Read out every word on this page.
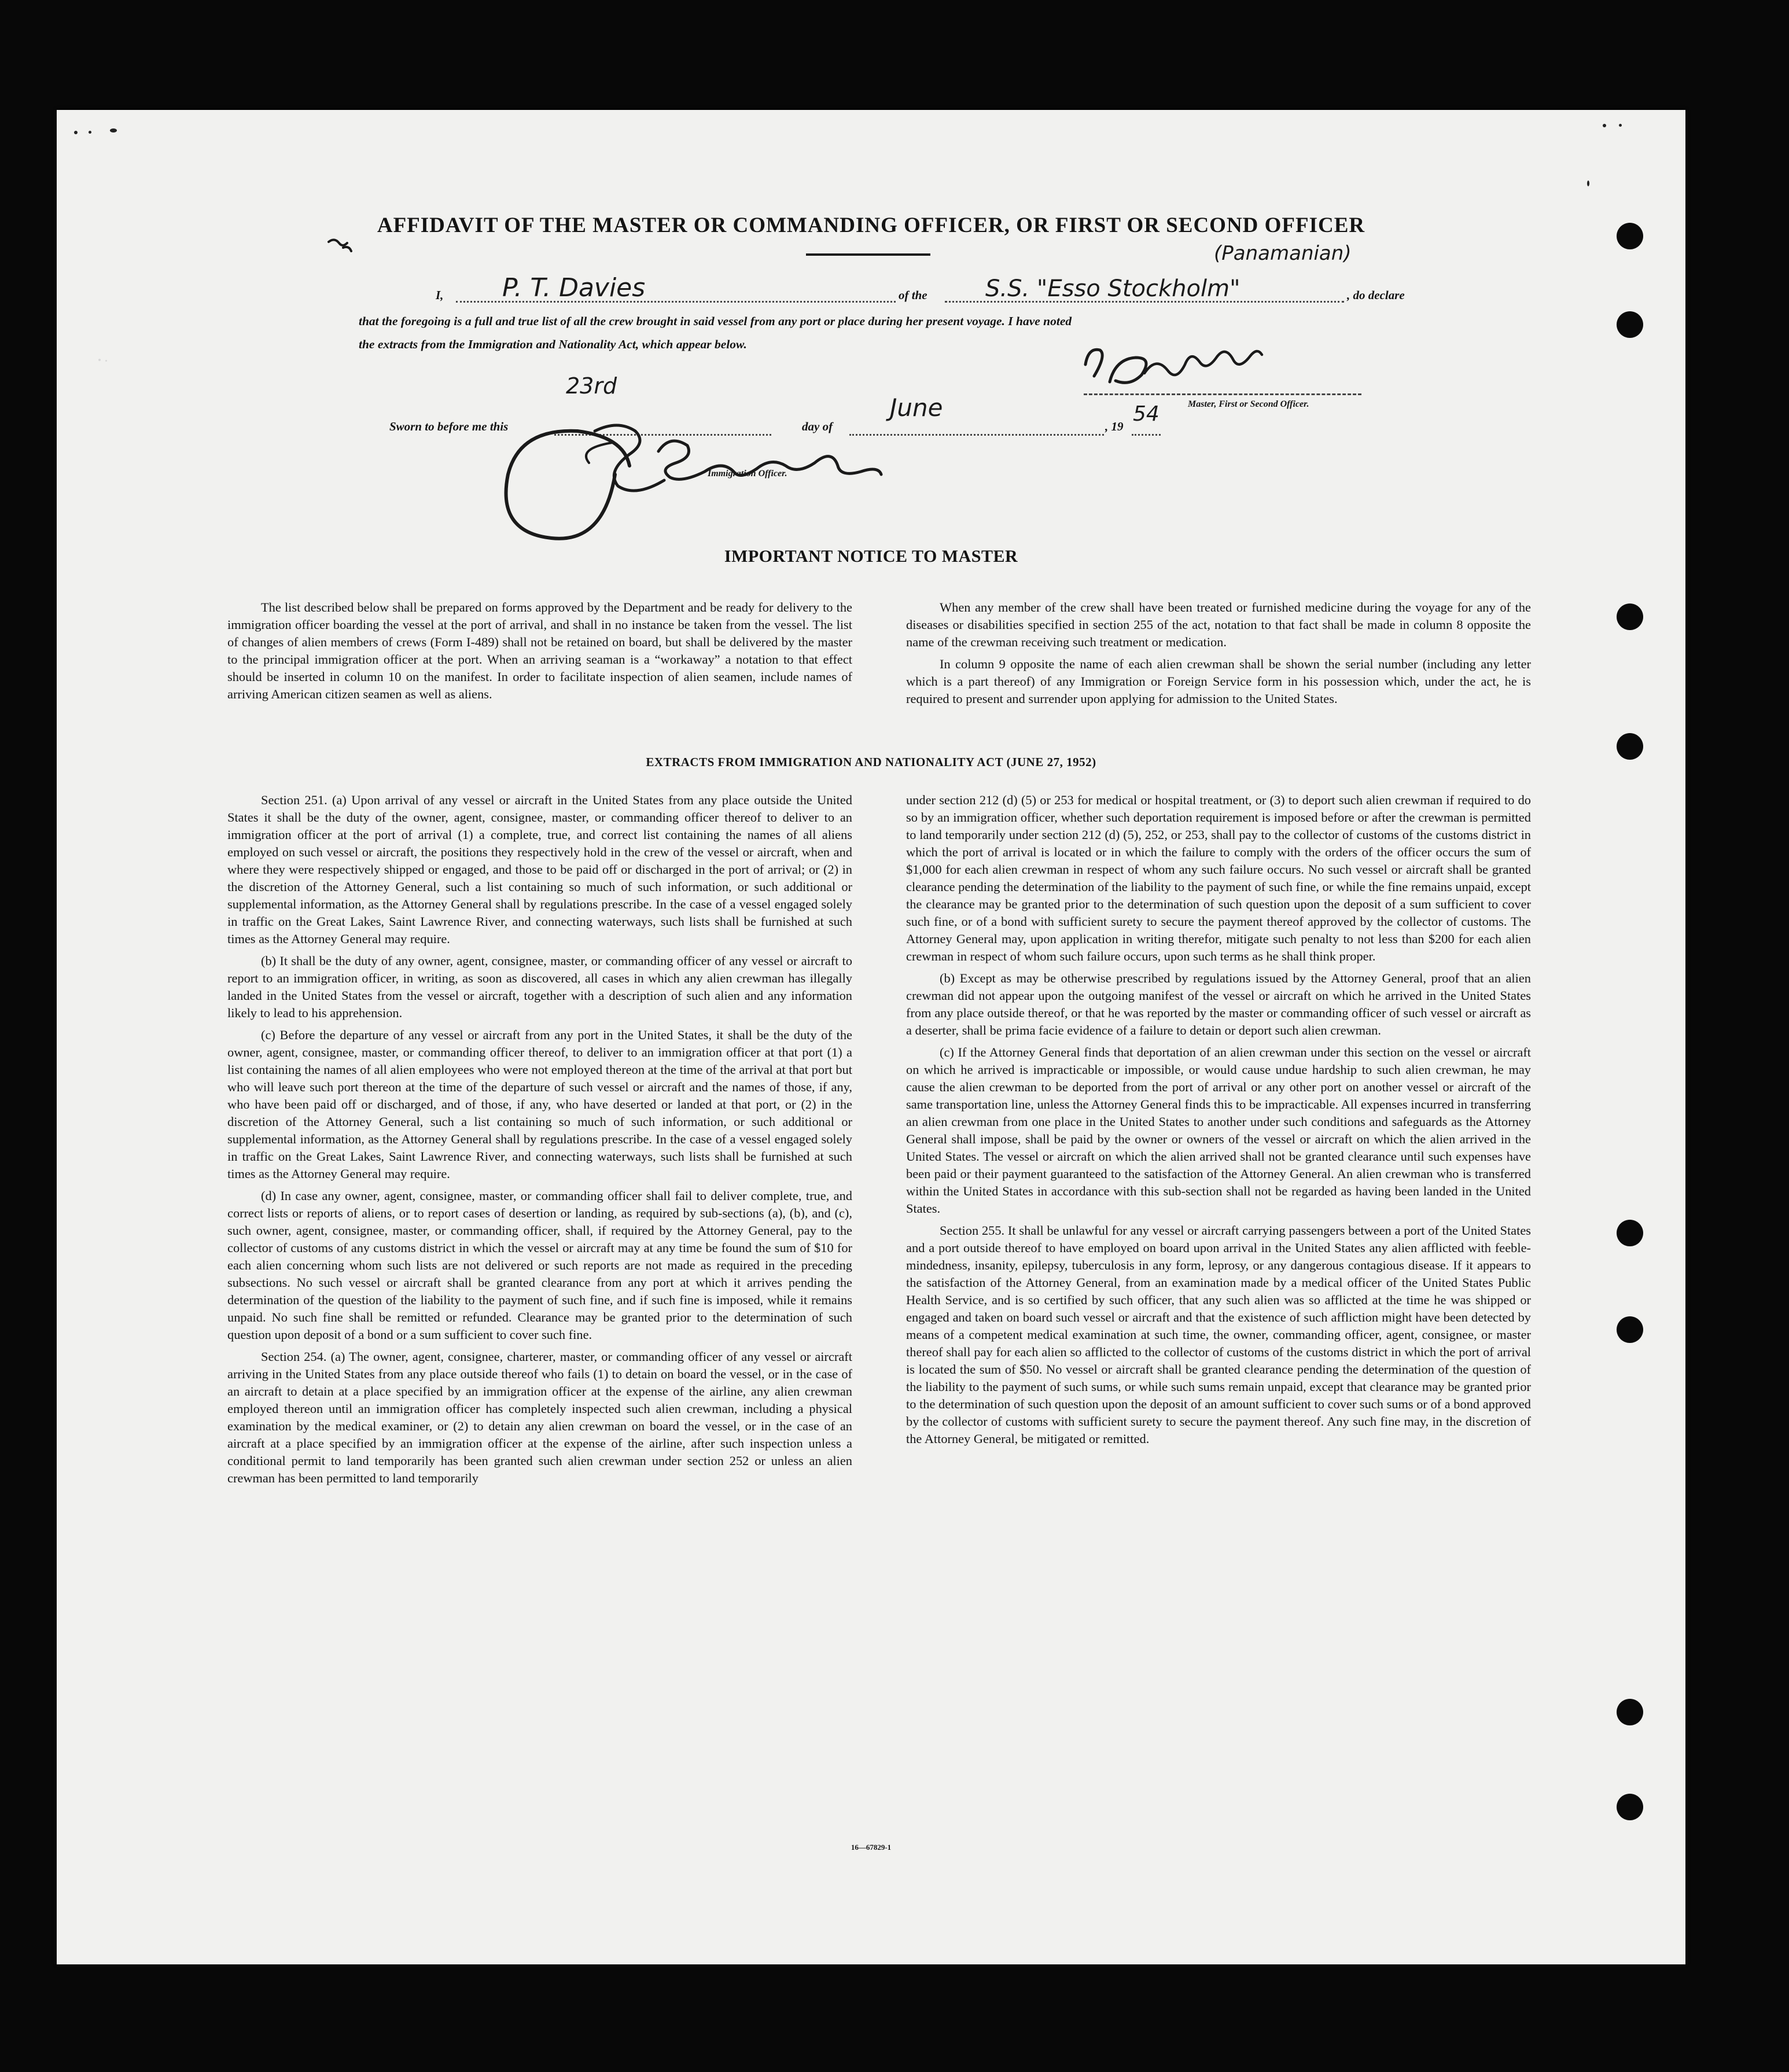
AFFIDAVIT OF THE MASTER OR COMMANDING OFFICER, OR FIRST OR SECOND OFFICER
I, P. T. Davies	of the	S.S. "Esso Stockholm"
(Panamanian)
, do declare
that the foregoing is a full and true list of all the crew brought in said vessel from any port or place during her present voyage. I have noted
the extracts from the Immigration and Nationality Act, which appear below.
Master, First or Second Officer.
Sworn to before me this
23rd
day of
June
, 19
54
Immigration Officer.
IMPORTANT NOTICE TO MASTER

The list described below shall be prepared on forms approved by the Department and be ready for delivery to the immigration officer boarding the vessel at the port of arrival, and shall in no instance be taken from the vessel. The list of changes of alien members of crews (Form I-489) shall not be retained on board, but shall be delivered by the master to the principal immigration officer at the port. When an arriving seaman is a “workaway” a notation to that effect should be inserted in column 10 on the manifest. In order to facilitate inspection of alien seamen, include names of arriving American citizen seamen as well as aliens.

When any member of the crew shall have been treated or furnished medicine during the voyage for any of the diseases or disabilities specified in section 255 of the act, notation to that fact shall be made in column 8 opposite the name of the crewman receiving such treatment or medication.

In column 9 opposite the name of each alien crewman shall be shown the serial number (including any letter which is a part thereof) of any Immigration or Foreign Service form in his possession which, under the act, he is required to present and surrender upon applying for admission to the United States.

EXTRACTS FROM IMMIGRATION AND NATIONALITY ACT (JUNE 27, 1952)

Section 251. (a) Upon arrival of any vessel or aircraft in the United States from any place outside the United States it shall be the duty of the owner, agent, consignee, master, or commanding officer thereof to deliver to an immigration officer at the port of arrival (1) a complete, true, and correct list containing the names of all aliens employed on such vessel or aircraft, the positions they respectively hold in the crew of the vessel or aircraft, when and where they were respectively shipped or engaged, and those to be paid off or discharged in the port of arrival; or (2) in the discretion of the Attorney General, such a list containing so much of such information, or such additional or supplemental information, as the Attorney General shall by regulations prescribe. In the case of a vessel engaged solely in traffic on the Great Lakes, Saint Lawrence River, and connecting waterways, such lists shall be furnished at such times as the Attorney General may require.

(b) It shall be the duty of any owner, agent, consignee, master, or commanding officer of any vessel or aircraft to report to an immigration officer, in writing, as soon as discovered, all cases in which any alien crewman has illegally landed in the United States from the vessel or aircraft, together with a description of such alien and any information likely to lead to his apprehension.

(c) Before the departure of any vessel or aircraft from any port in the United States, it shall be the duty of the owner, agent, consignee, master, or commanding officer thereof, to deliver to an immigration officer at that port (1) a list containing the names of all alien employees who were not employed thereon at the time of the arrival at that port but who will leave such port thereon at the time of the departure of such vessel or aircraft and the names of those, if any, who have been paid off or discharged, and of those, if any, who have deserted or landed at that port, or (2) in the discretion of the Attorney General, such a list containing so much of such information, or such additional or supplemental information, as the Attorney General shall by regulations prescribe. In the case of a vessel engaged solely in traffic on the Great Lakes, Saint Lawrence River, and connecting waterways, such lists shall be furnished at such times as the Attorney General may require.

(d) In case any owner, agent, consignee, master, or commanding officer shall fail to deliver complete, true, and correct lists or reports of aliens, or to report cases of desertion or landing, as required by sub-sections (a), (b), and (c), such owner, agent, consignee, master, or commanding officer, shall, if required by the Attorney General, pay to the collector of customs of any customs district in which the vessel or aircraft may at any time be found the sum of $10 for each alien concerning whom such lists are not delivered or such reports are not made as required in the preceding subsections. No such vessel or aircraft shall be granted clearance from any port at which it arrives pending the determination of the question of the liability to the payment of such fine, and if such fine is imposed, while it remains unpaid. No such fine shall be remitted or refunded. Clearance may be granted prior to the determination of such question upon deposit of a bond or a sum sufficient to cover such fine.

Section 254. (a) The owner, agent, consignee, charterer, master, or commanding officer of any vessel or aircraft arriving in the United States from any place outside thereof who fails (1) to detain on board the vessel, or in the case of an aircraft to detain at a place specified by an immigration officer at the expense of the airline, any alien crewman employed thereon until an immigration officer has completely inspected such alien crewman, including a physical examination by the medical examiner, or (2) to detain any alien crewman on board the vessel, or in the case of an aircraft at a place specified by an immigration officer at the expense of the airline, after such inspection unless a conditional permit to land temporarily has been granted such alien crewman under section 252 or unless an alien crewman has been permitted to land temporarily

under section 212 (d) (5) or 253 for medical or hospital treatment, or (3) to deport such alien crewman if required to do so by an immigration officer, whether such deportation requirement is imposed before or after the crewman is permitted to land temporarily under section 212 (d) (5), 252, or 253, shall pay to the collector of customs of the customs district in which the port of arrival is located or in which the failure to comply with the orders of the officer occurs the sum of $1,000 for each alien crewman in respect of whom any such failure occurs. No such vessel or aircraft shall be granted clearance pending the determination of the liability to the payment of such fine, or while the fine remains unpaid, except the clearance may be granted prior to the determination of such question upon the deposit of a sum sufficient to cover such fine, or of a bond with sufficient surety to secure the payment thereof approved by the collector of customs. The Attorney General may, upon application in writing therefor, mitigate such penalty to not less than $200 for each alien crewman in respect of whom such failure occurs, upon such terms as he shall think proper.

(b) Except as may be otherwise prescribed by regulations issued by the Attorney General, proof that an alien crewman did not appear upon the outgoing manifest of the vessel or aircraft on which he arrived in the United States from any place outside thereof, or that he was reported by the master or commanding officer of such vessel or aircraft as a deserter, shall be prima facie evidence of a failure to detain or deport such alien crewman.

(c) If the Attorney General finds that deportation of an alien crewman under this section on the vessel or aircraft on which he arrived is impracticable or impossible, or would cause undue hardship to such alien crewman, he may cause the alien crewman to be deported from the port of arrival or any other port on another vessel or aircraft of the same transportation line, unless the Attorney General finds this to be impracticable. All expenses incurred in transferring an alien crewman from one place in the United States to another under such conditions and safeguards as the Attorney General shall impose, shall be paid by the owner or owners of the vessel or aircraft on which the alien arrived in the United States. The vessel or aircraft on which the alien arrived shall not be granted clearance until such expenses have been paid or their payment guaranteed to the satisfaction of the Attorney General. An alien crewman who is transferred within the United States in accordance with this sub-section shall not be regarded as having been landed in the United States.

Section 255. It shall be unlawful for any vessel or aircraft carrying passengers between a port of the United States and a port outside thereof to have employed on board upon arrival in the United States any alien afflicted with feeble-mindedness, insanity, epilepsy, tuberculosis in any form, leprosy, or any dangerous contagious disease. If it appears to the satisfaction of the Attorney General, from an examination made by a medical officer of the United States Public Health Service, and is so certified by such officer, that any such alien was so afflicted at the time he was shipped or engaged and taken on board such vessel or aircraft and that the existence of such affliction might have been detected by means of a competent medical examination at such time, the owner, commanding officer, agent, consignee, or master thereof shall pay for each alien so afflicted to the collector of customs of the customs district in which the port of arrival is located the sum of $50. No vessel or aircraft shall be granted clearance pending the determination of the question of the liability to the payment of such sums, or while such sums remain unpaid, except that clearance may be granted prior to the determination of such question upon the deposit of an amount sufficient to cover such sums or of a bond approved by the collector of customs with sufficient surety to secure the payment thereof. Any such fine may, in the discretion of the Attorney General, be mitigated or remitted.

16—67829-1
